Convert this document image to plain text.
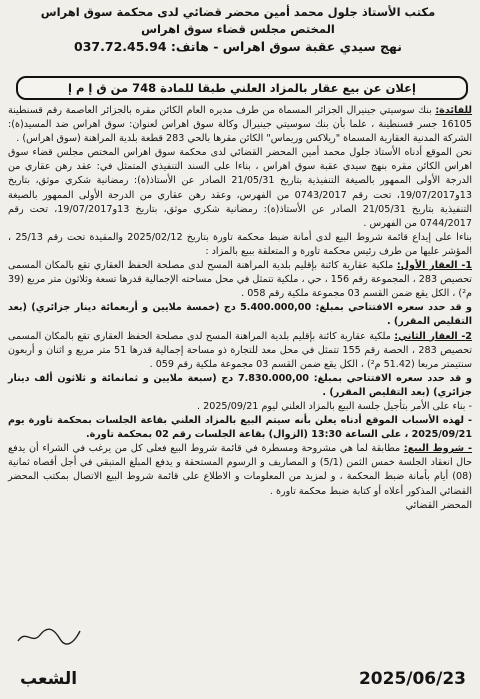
مكتب الأستاذ جلول محمد أمين محضر قضائي لدى محكمة سوق اهراس
المختص مجلس قضاء سوق اهراس
نهج سيدي عقبة سوق اهراس - هاتف: 037.72.45.94
إعلان عن بيع عقار بالمزاد العلني طبقا للمادة 748 من ق إ م إ

للفائدة: بنك سوسيتي جينيرال الجزائر المسماة من طرف مديره العام الكائن مقره بالجزائر العاصمة رقم قسنطينة 16105 جسر قسنطينة ، علما بأن بنك سوسيتي جينيرال وكالة سوق اهراس لعنوان: سوق اهراس ضد المسيد(ة): الشركة المدنية العقارية المسماة "ريلاكس وريماس" الكائن مقرها بالحي 283 قطعة بلدية المراهنة (سوق اهراس) .

نحن الموقع أدناه الأستاذ جلول محمد أمين المحضر القضائي لدى محكمة سوق اهراس المختص مجلس قضاء سوق اهراس الكائن مقره بنهج سيدي عقبة سوق اهراس ، بناءا على السند التنفيذي المتمثل في: عقد رهن عقاري من الدرجة الأولى الممهور بالصيغة التنفيذية بتاريخ 21/05/31 الصادر عن الأستاذ(ة): رمضانية شكري موثق، بتاريخ 13و19/07/2017، تحت رقم 0743/2017 من الفهرس، وعقد رهن عقاري من الدرجة الأولى الممهور بالصيغة التنفيذية بتاريخ 21/05/31 الصادر عن الأستاذ(ة): رمضانية شكري موثق، بتاريخ 13و19/07/2017، تحت رقم 0744/2017 من الفهرس .

بناءا على إيداع قائمة شروط البيع لدى أمانة ضبط محكمة تاورة بتاريخ 2025/02/12 والمقيدة تحت رقم 25/13 ، المؤشر عليها من طرف رئيس محكمة تاورة و المتعلقة ببيع بالمزاد :

1- العقار الأول: ملكية عقارية كائنة بإقليم بلدية المراهنة المسح لدى مصلحة الحفظ العقاري تقع بالمكان المسمى تحصيص 283 ، المجموعة رقم 156 ، حي ، ملكية تتمثل في محل مساحته الإجمالية قدرها تسعة وثلاثون متر مربع (39 م²) ، الكل يقع ضمن القسم 03 مجموعة ملكية رقم 058 .

و قد حدد سعره الافتتاحي بمبلغ: 5.400.000,00 دج (خمسة ملايين و أربعمائة دينار جزائري) (بعد التقليص المقرر) .

2- العقار الثاني: ملكية عقارية كائنة بإقليم بلدية المراهنة المسح لدى مصلحة الحفظ العقاري تقع بالمكان المسمى تحصيص 283 ، الحصة رقم 155 تتمثل في محل معد للتجارة ذو مساحة إجمالية قدرها 51 متر مربع و اثنان و أربعون سنتيمتر مربعا (51.42 م²) ، الكل يقع ضمن القسم 03 مجموعة ملكية رقم 059 .

و قد حدد سعره الافتتاحي بمبلغ: 7.830.000,00 دج (سبعة ملايين و ثمانمائة و ثلاثون ألف دينار جزائري) (بعد التقليص المقرر) .

- بناء على الأمر بتأجيل جلسة البيع بالمزاد العلني ليوم 2025/09/21 .

- لهذه الأسباب الموقع أدناه يعلن بأنه سيتم البيع بالمزاد العلني بقاعة الجلسات بمحكمة تاورة يوم 2025/09/21 ، على الساعة 13:30 (الزوال) بقاعة الجلسات رقم 02 بمحكمة تاورة.

- شروط البيع: مطابقة لما هي مشروحة ومسطرة في قائمة شروط البيع فعلى كل من يرغب في الشراء أن يدفع حال انعقاد الجلسة خمس الثمن (5/1) و المصاريف و الرسوم المستحقة و يدفع المبلغ المتبقي في أجل أقصاه ثمانية (08) أيام بأمانة ضبط المحكمة ، و لمزيد من المعلومات و الاطلاع على قائمة شروط البيع الاتصال بمكتب المحضر القضائي المذكور أعلاه أو كتابة ضبط محكمة تاورة .

المحضر القضائي

2025/06/23
الشعب
